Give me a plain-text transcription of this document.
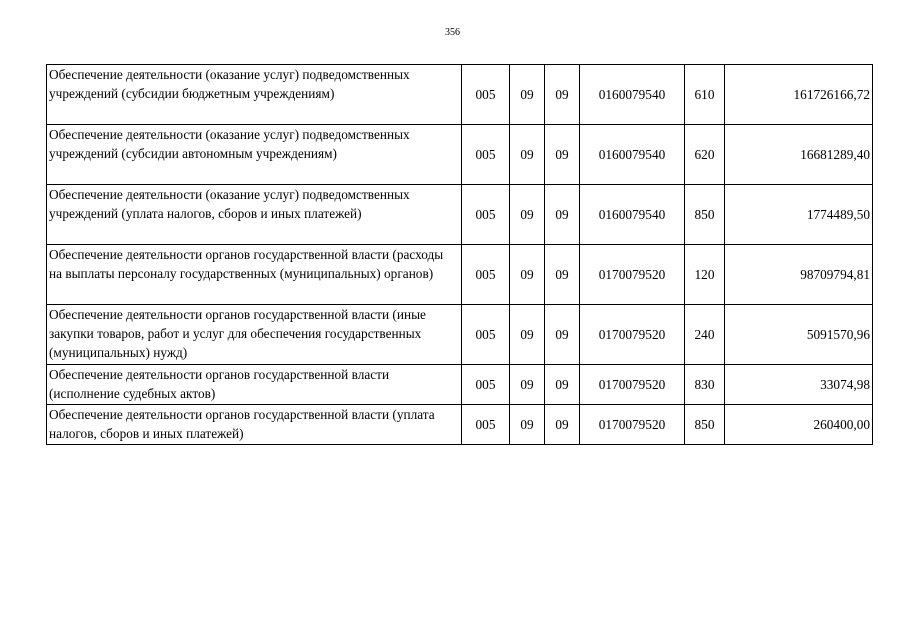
356
Обеспечение деятельности (оказание услуг) подведомственных учреждений (субсидии бюджетным учреждениям)	005	09	09	0160079540	610	161726166,72
Обеспечение деятельности (оказание услуг) подведомственных учреждений (субсидии автономным учреждениям)	005	09	09	0160079540	620	16681289,40
Обеспечение деятельности (оказание услуг) подведомственных учреждений (уплата налогов, сборов и иных платежей)	005	09	09	0160079540	850	1774489,50
Обеспечение деятельности органов государственной власти (расходы на выплаты персоналу государственных (муниципальных) органов)	005	09	09	0170079520	120	98709794,81
Обеспечение деятельности органов государственной власти (иные закупки товаров, работ и услуг для обеспечения государственных (муниципальных) нужд)	005	09	09	0170079520	240	5091570,96
Обеспечение деятельности органов государственной власти (исполнение судебных актов)	005	09	09	0170079520	830	33074,98
Обеспечение деятельности органов государственной власти (уплата налогов, сборов и иных платежей)	005	09	09	0170079520	850	260400,00
